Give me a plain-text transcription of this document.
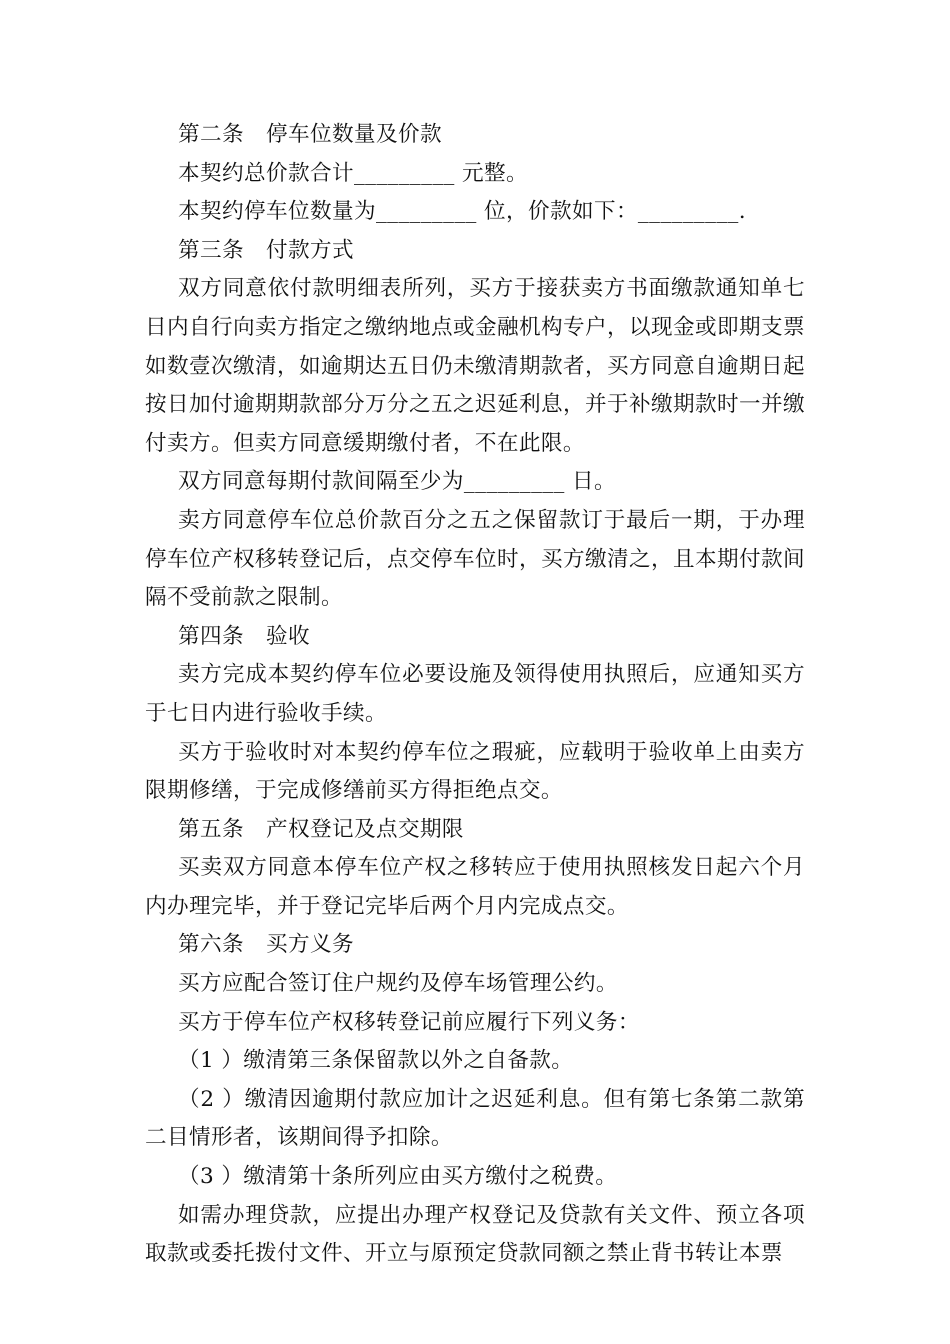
第二条 停车位数量及价款

本契约总价款合计_________ 元整。

本契约停车位数量为_________ 位，价款如下：_________.

第三条 付款方式

双方同意依付款明细表所列，买方于接获卖方书面缴款通知单七日内自行向卖方指定之缴纳地点或金融机构专户，以现金或即期支票如数壹次缴清，如逾期达五日仍未缴清期款者，买方同意自逾期日起按日加付逾期期款部分万分之五之迟延利息，并于补缴期款时一并缴付卖方。但卖方同意缓期缴付者，不在此限。

双方同意每期付款间隔至少为_________ 日。

卖方同意停车位总价款百分之五之保留款订于最后一期，于办理停车位产权移转登记后，点交停车位时，买方缴清之，且本期付款间隔不受前款之限制。

第四条 验收

卖方完成本契约停车位必要设施及领得使用执照后，应通知买方于七日内进行验收手续。

买方于验收时对本契约停车位之瑕疵，应载明于验收单上由卖方限期修缮，于完成修缮前买方得拒绝点交。

第五条 产权登记及点交期限

买卖双方同意本停车位产权之移转应于使用执照核发日起六个月内办理完毕，并于登记完毕后两个月内完成点交。

第六条 买方义务

买方应配合签订住户规约及停车场管理公约。

买方于停车位产权移转登记前应履行下列义务：

（1 ）缴清第三条保留款以外之自备款。

（2 ）缴清因逾期付款应加计之迟延利息。但有第七条第二款第二目情形者，该期间得予扣除。

（3 ）缴清第十条所列应由买方缴付之税费。

如需办理贷款，应提出办理产权登记及贷款有关文件、预立各项取款或委托拨付文件、开立与原预定贷款同额之禁止背书转让本票
